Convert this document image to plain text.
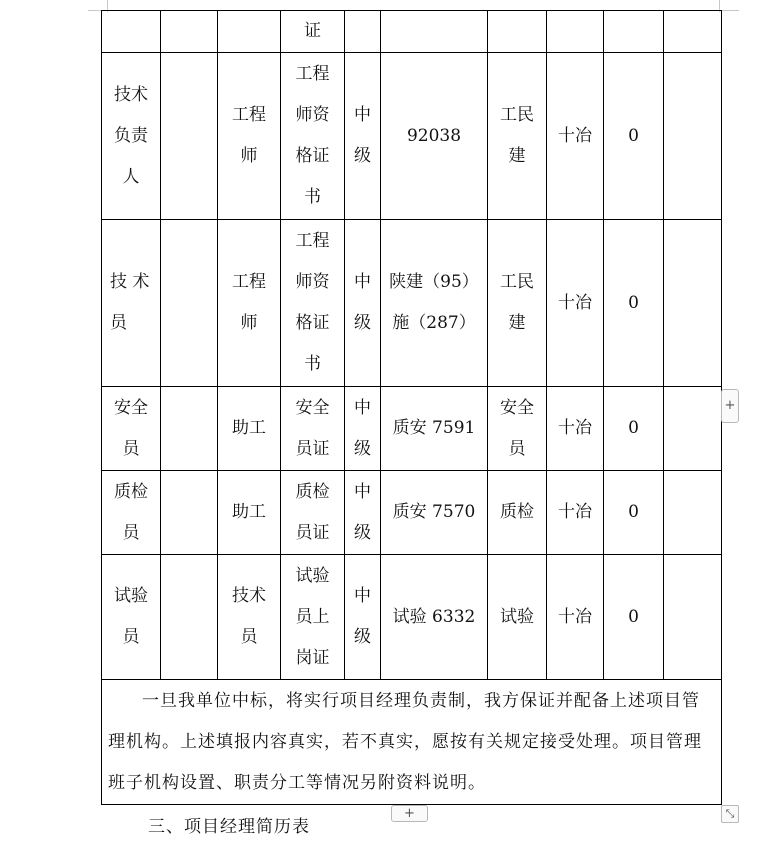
			证						

技术
负责
人		工程
师	工程
师资
格证
书	中
级	92038	工民
建	十冶	0	

技 术
员		工程
师	工程
师资
格证
书	中
级	陕建（95）
施（287）	工民
建	十冶	0	

安全
员		助工	安全
员证	中
级	质安 7591	安全
员	十冶	0	

质检
员		助工	质检
员证	中
级	质安 7570	质检	十冶	0	

试验
员		技术
员	试验
员上
岗证	中
级	试验 6332	试验	十冶	0	

一旦我单位中标，将实行项目经理负责制，我方保证并配备上述项目管理机构。上述填报内容真实，若不真实，愿按有关规定接受处理。项目管理班子机构设置、职责分工等情况另附资料说明。									
三、项目经理简历表
+
+	⤡
